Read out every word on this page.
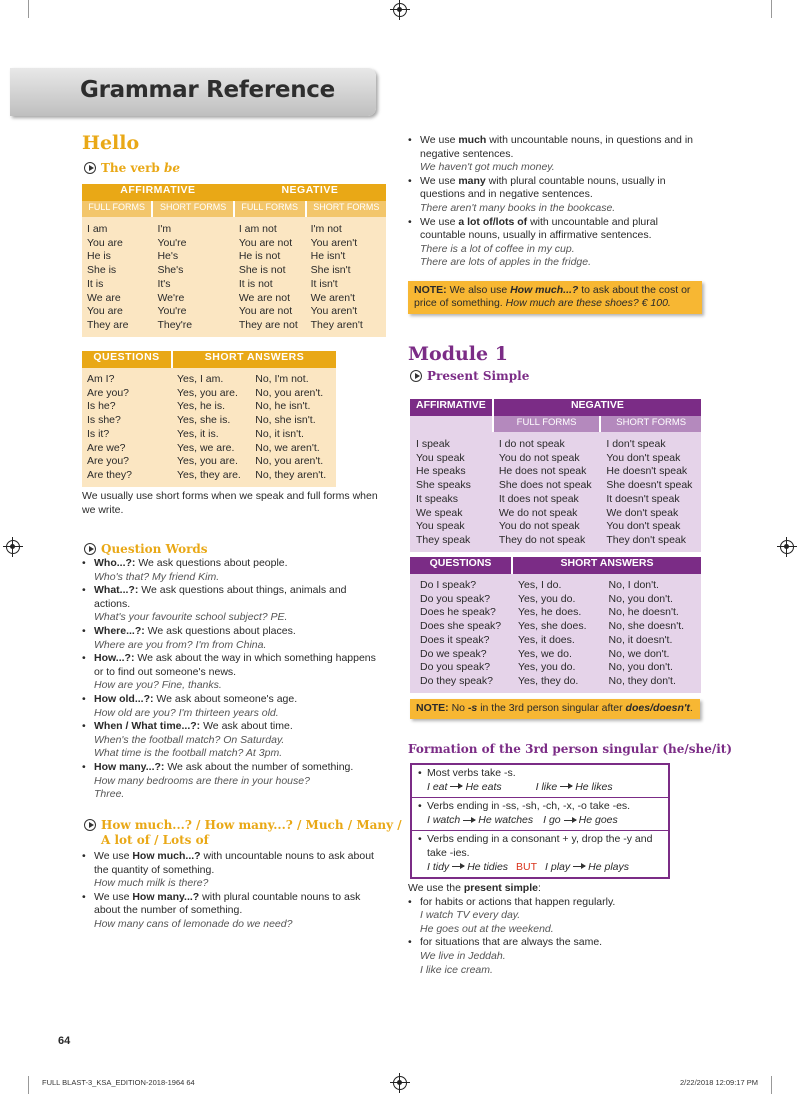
Grammar Reference
Hello
The verb be
AFFIRMATIVE		NEGATIVE	
FULL FORMS	SHORT FORMS	FULL FORMS	SHORT FORMS

I am	I'm	I am not	I'm not
You are	You're	You are not	You aren't
He is	He's	He is not	He isn't
She is	She's	She is not	She isn't
It is	It's	It is not	It isn't
We are	We're	We are not	We aren't
You are	You're	You are not	You aren't
They are	They're	They are not	They aren't

QUESTIONS	SHORT ANSWERS	

Am I?	Yes, I am.	No, I'm not.
Are you?	Yes, you are.	No, you aren't.
Is he?	Yes, he is.	No, he isn't.
Is she?	Yes, she is.	No, she isn't.
Is it?	Yes, it is.	No, it isn't.
Are we?	Yes, we are.	No, we aren't.
Are you?	Yes, you are.	No, you aren't.
Are they?	Yes, they are.	No, they aren't.

We usually use short forms when we speak and full forms when we write.
Question Words
• Who...?: We ask questions about people.
Who's that? My friend Kim.
• What...?: We ask questions about things, animals and actions.
What's your favourite school subject? PE.
• Where...?: We ask questions about places.
Where are you from? I'm from China.
• How...?: We ask about the way in which something happens or to find out someone's news.
How are you? Fine, thanks.
• How old...?: We ask about someone's age.
How old are you? I'm thirteen years old.
• When / What time...?: We ask about time.
When's the football match? On Saturday.
What time is the football match? At 3pm.
• How many...?: We ask about the number of something.
How many bedrooms are there in your house?
Three.
How much...? / How many...? / Much / Many /
A lot of / Lots of
• We use How much...? with uncountable nouns to ask about the quantity of something.
How much milk is there?
• We use How many...? with plural countable nouns to ask about the number of something.
How many cans of lemonade do we need?
• We use much with uncountable nouns, in questions and in negative sentences.
We haven't got much money.
• We use many with plural countable nouns, usually in questions and in negative sentences.
There aren't many books in the bookcase.
• We use a lot of/lots of with uncountable and plural countable nouns, usually in affirmative sentences.
There is a lot of coffee in my cup.
There are lots of apples in the fridge.
NOTE: We also use How much...? to ask about the cost or price of something. How much are these shoes? € 100.
Module 1
Present Simple
AFFIRMATIVE	NEGATIVE	
	FULL FORMS	SHORT FORMS

I speak	I do not speak	I don't speak
You speak	You do not speak	You don't speak
He speaks	He does not speak	He doesn't speak
She speaks	She does not speak	She doesn't speak
It speaks	It does not speak	It doesn't speak
We speak	We do not speak	We don't speak
You speak	You do not speak	You don't speak
They speak	They do not speak	They don't speak

QUESTIONS	SHORT ANSWERS	

Do I speak?	Yes, I do.	No, I don't.
Do you speak?	Yes, you do.	No, you don't.
Does he speak?	Yes, he does.	No, he doesn't.
Does she speak?	Yes, she does.	No, she doesn't.
Does it speak?	Yes, it does.	No, it doesn't.
Do we speak?	Yes, we do.	No, we don't.
Do you speak?	Yes, you do.	No, you don't.
Do they speak?	Yes, they do.	No, they don't.

NOTE: No -s in the 3rd person singular after does/doesn't.
Formation of the 3rd person singular (he/she/it)
• Most verbs take -s.
I eat He eats	I like He likes
• Verbs ending in -ss, -sh, -ch, -x, -o take -es.
I watch He watches I go He goes
• Verbs ending in a consonant + y, drop the -y and take -ies.
I tidy He tidies BUT I play He plays
We use the present simple:
• for habits or actions that happen regularly.
I watch TV every day.
He goes out at the weekend.
• for situations that are always the same.
We live in Jeddah.
I like ice cream.
64
FULL BLAST-3_KSA_EDITION-2018-1964 64	2/22/2018 12:09:17 PM
